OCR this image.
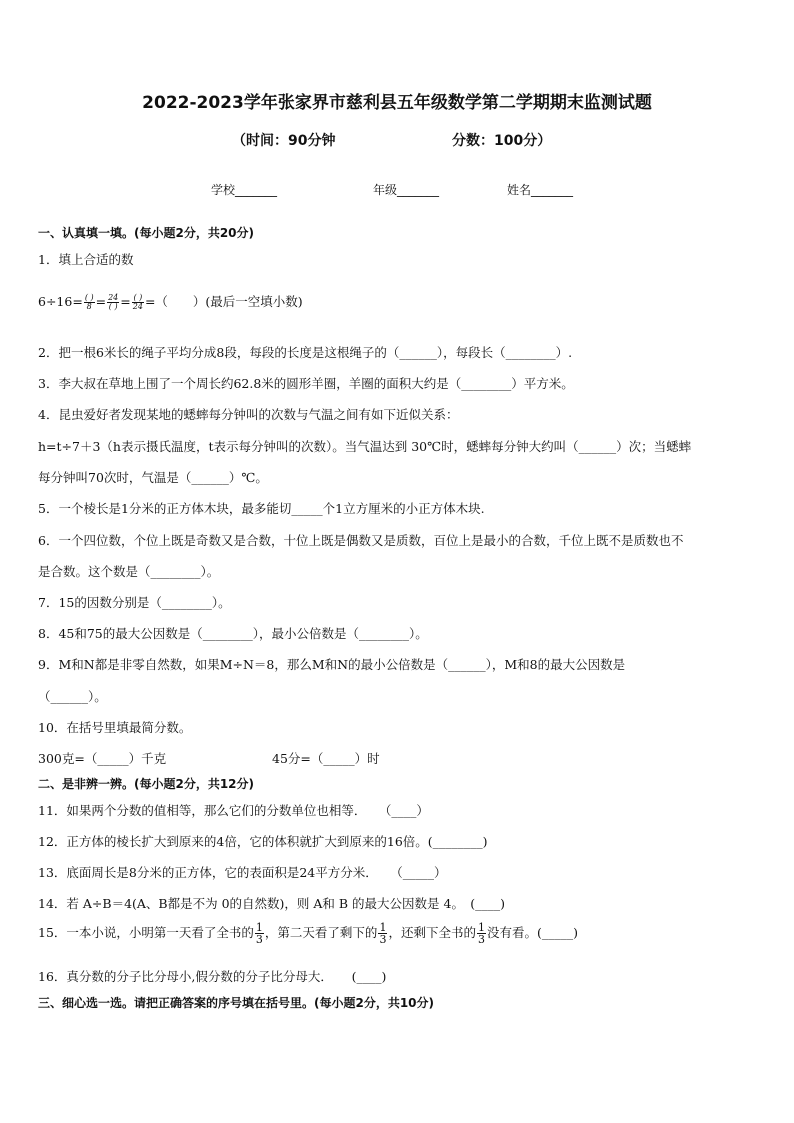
2022-2023学年张家界市慈利县五年级数学第二学期期末监测试题
（时间：90分钟	分数：100分）
学校_______	年级_______	姓名_______
一、认真填一填。(每小题2分，共20分)
1．填上合适的数
$6\div 16= \frac{( )}{8} = \frac{24}{( )} = \frac{( )}{24}$ =（　　）(最后一空填小数)
2．把一根6米长的绳子平均分成8段，每段的长度是这根绳子的（______），每段长（________）.
3．李大叔在草地上围了一个周长约62.8米的圆形羊圈，羊圈的面积大约是（________）平方米。
4．昆虫爱好者发现某地的蟋蟀每分钟叫的次数与气温之间有如下近似关系：
h=t÷7＋3（h表示摄氏温度，t表示每分钟叫的次数）。当气温达到 30℃时，蟋蟀每分钟大约叫（______）次；当蟋蟀
每分钟叫70次时，气温是（______）℃。
5．一个棱长是1分米的正方体木块，最多能切_____个1立方厘米的小正方体木块.
6．一个四位数，个位上既是奇数又是合数，十位上既是偶数又是质数，百位上是最小的合数，千位上既不是质数也不
是合数。这个数是（________）。
7．15的因数分别是（________）。
8．45和75的最大公因数是（________），最小公倍数是（________）。
9．M和N都是非零自然数，如果M÷N＝8，那么M和N的最小公倍数是（______），M和8的最大公因数是
（______）。
10．在括号里填最简分数。
300克=（_____）千克	45分=（_____）时
二、是非辨一辨。(每小题2分，共12分)
11．如果两个分数的值相等，那么它们的分数单位也相等．　　（____）
12．正方体的棱长扩大到原来的4倍，它的体积就扩大到原来的16倍。(________)
13．底面周长是8分米的正方体，它的表面积是24平方分米．　　（_____）
14．若 A÷B＝4(A、B都是不为 0的自然数)，则 A和 B 的最大公因数是 4。　(____)
15．一本小说，小明第一天看了全书的 $\frac{1}{3}$ ，第二天看了剩下的 $\frac{1}{3}$ ，还剩下全书的 $\frac{1}{3}$ 没有看。(_____)
16．真分数的分子比分母小,假分数的分子比分母大．　　(____)
三、细心选一选。请把正确答案的序号填在括号里。(每小题2分，共10分)
